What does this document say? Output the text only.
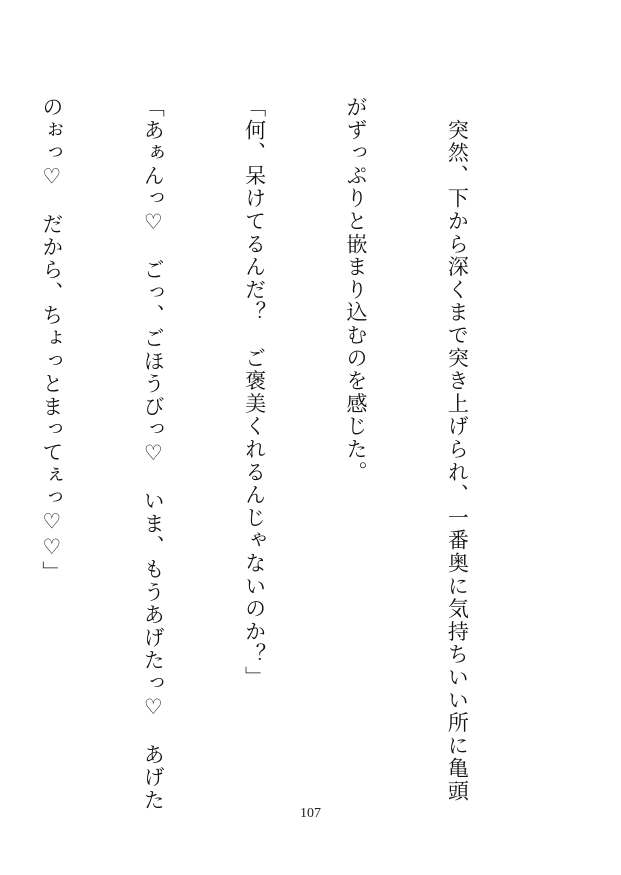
　突然、下から深くまで突き上げられ、一番奥に気持ちいい所に亀頭

がずっぷりと嵌まり込むのを感じた。

「何、呆けてるんだ？　ご褒美くれるんじゃないのか？」

「あぁんっ♡　ごっ、ごほうびっ♡　いま、もうあげたっ♡　あげた

のぉっ♡　だから、ちょっとまってぇっ♡♡」

107
